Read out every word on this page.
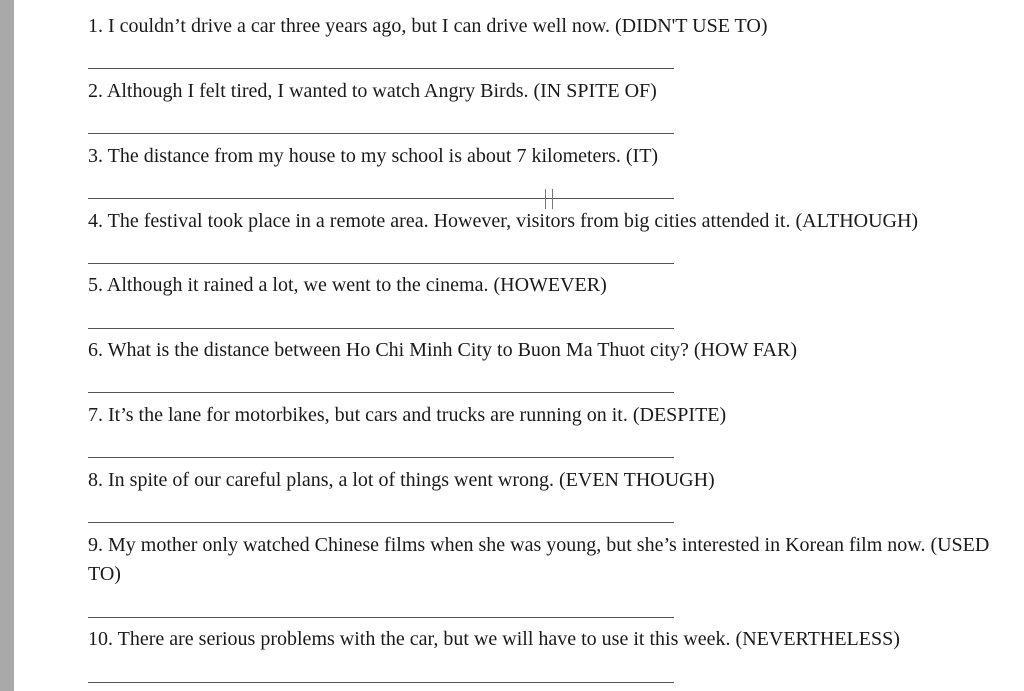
1. I couldn’t drive a car three years ago, but I can drive well now. (DIDN'T USE TO)
2. Although I felt tired, I wanted to watch Angry Birds. (IN SPITE OF)
3. The distance from my house to my school is about 7 kilometers. (IT)
4. The festival took place in a remote area. However, visitors from big cities attended it. (ALTHOUGH)
5. Although it rained a lot, we went to the cinema. (HOWEVER)
6. What is the distance between Ho Chi Minh City to Buon Ma Thuot city? (HOW FAR)
7. It’s the lane for motorbikes, but cars and trucks are running on it. (DESPITE)
8. In spite of our careful plans, a lot of things went wrong. (EVEN THOUGH)
9. My mother only watched Chinese films when she was young, but she’s interested in Korean film now. (USED TO)
10. There are serious problems with the car, but we will have to use it this week. (NEVERTHELESS)
